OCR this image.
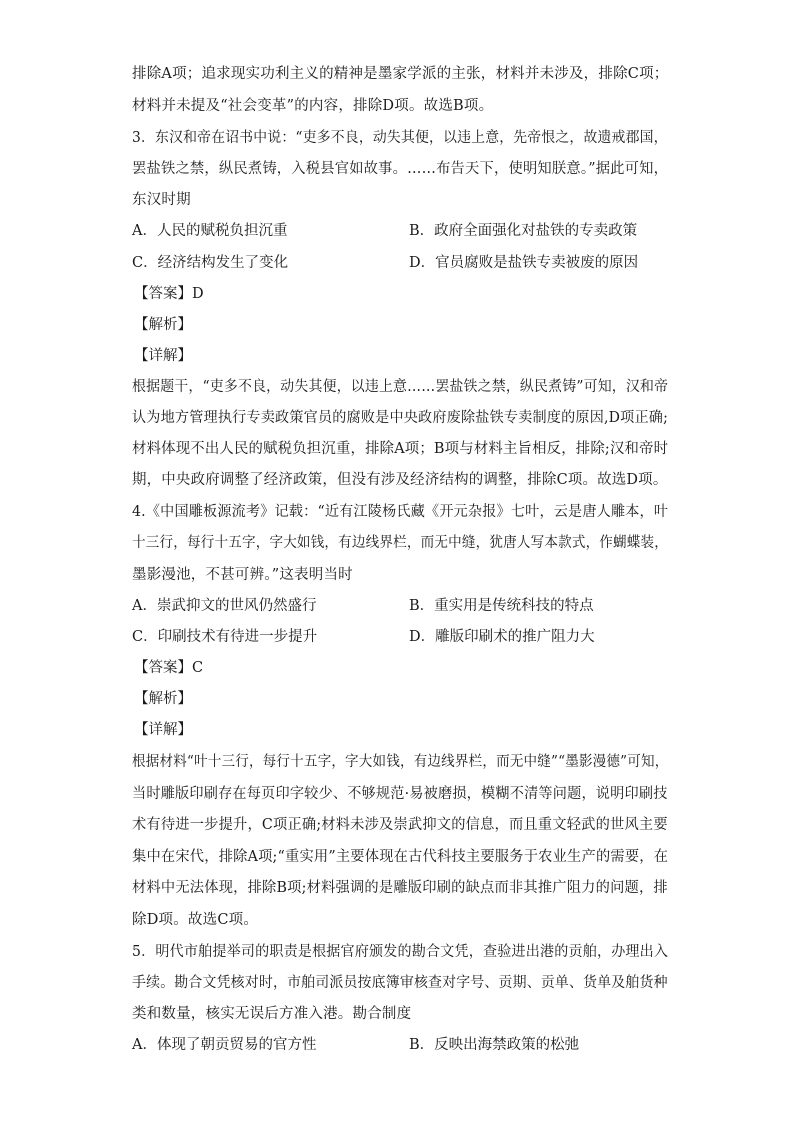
排除A项；追求现实功利主义的精神是墨家学派的主张，材料并未涉及，排除C项；
材料并未提及“社会变革”的内容，排除D项。故选B项。
3．东汉和帝在诏书中说：“吏多不良，动失其便，以违上意，先帝恨之，故遗戒郡国，
罢盐铁之禁，纵民煮铸，入税县官如故事。……布告天下，使明知朕意。”据此可知，
东汉时期
A．人民的赋税负担沉重	B．政府全面强化对盐铁的专卖政策
C．经济结构发生了变化	D．官员腐败是盐铁专卖被废的原因
【答案】D
【解析】
【详解】
根据题干，“吏多不良，动失其便，以违上意……罢盐铁之禁，纵民煮铸”可知，汉和帝
认为地方管理执行专卖政策官员的腐败是中央政府废除盐铁专卖制度的原因,D项正确;
材料体现不出人民的赋税负担沉重，排除A项；B项与材料主旨相反，排除;汉和帝时
期，中央政府调整了经济政策，但没有涉及经济结构的调整，排除C项。故选D项。
4.《中国雕板源流考》记载：“近有江陵杨氏藏《开元杂报》七叶，云是唐人雕本，叶
十三行，每行十五字，字大如钱，有边线界栏，而无中缝，犹唐人写本款式，作蝴蝶装，
墨影漫池，不甚可辨。”这表明当时
A．崇武抑文的世风仍然盛行	B．重实用是传统科技的特点
C．印刷技术有待进一步提升	D．雕版印刷术的推广阻力大
【答案】C
【解析】
【详解】
根据材料“叶十三行，每行十五字，字大如钱，有边线界栏，而无中缝”“墨影漫德”可知，
当时雕版印刷存在每页印字较少、不够规范·易被磨损，模糊不清等问题，说明印刷技
术有待进一步提升，C项正确;材料未涉及崇武抑文的信息，而且重文轻武的世风主要
集中在宋代，排除A项;“重实用”主要体现在古代科技主要服务于农业生产的需要，在
材料中无法体现，排除B项;材料强调的是雕版印刷的缺点而非其推广阻力的问题，排
除D项。故选C项。
5．明代市舶提举司的职责是根据官府颁发的勘合文凭，查验进出港的贡舶，办理出入
手续。勘合文凭核对时，市舶司派员按底簿审核查对字号、贡期、贡单、货单及舶货种
类和数量，核实无误后方准入港。勘合制度
A．体现了朝贡贸易的官方性	B．反映出海禁政策的松弛
